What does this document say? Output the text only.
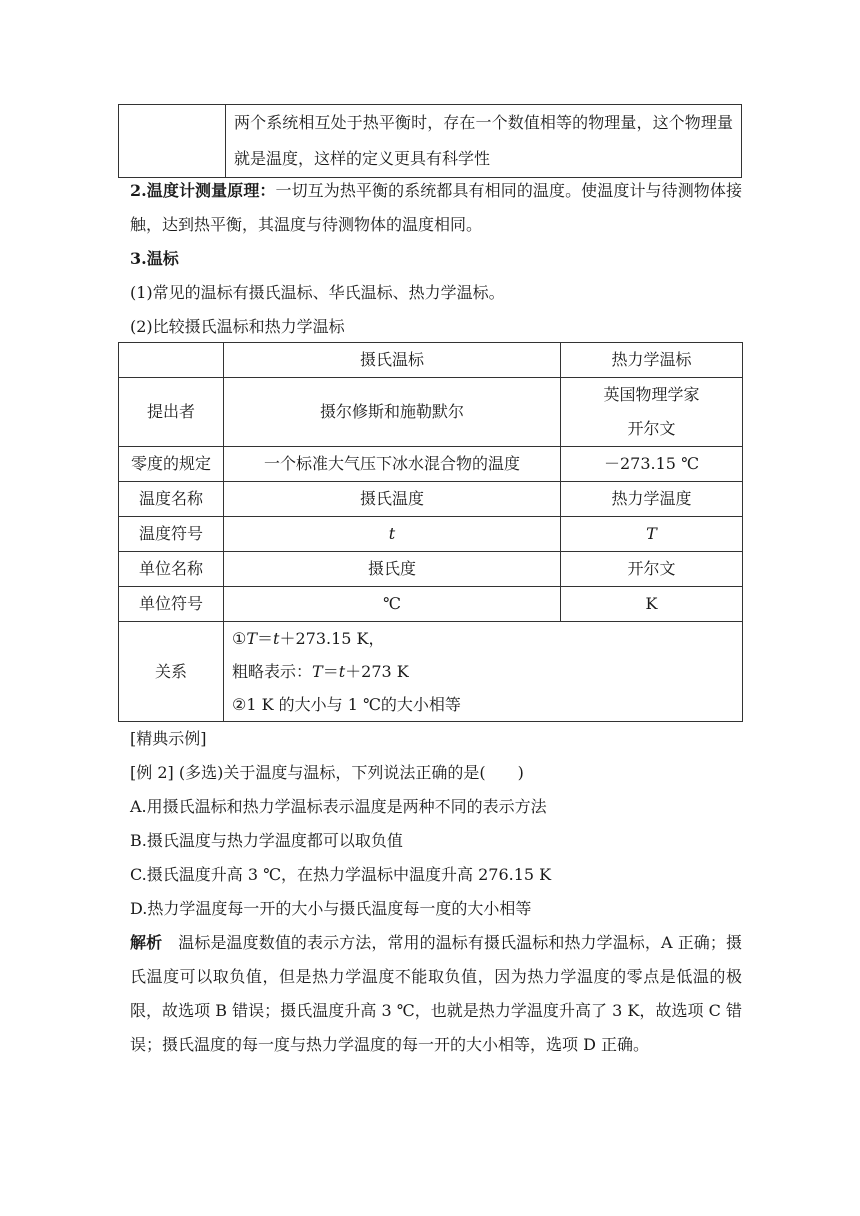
	两个系统相互处于热平衡时，存在一个数值相等的物理量，这个物理量就是温度，这样的定义更具有科学性
2.温度计测量原理：一切互为热平衡的系统都具有相同的温度。使温度计与待测物体接触，达到热平衡，其温度与待测物体的温度相同。
3.温标
(1)常见的温标有摄氏温标、华氏温标、热力学温标。
(2)比较摄氏温标和热力学温标
	摄氏温标	热力学温标
提出者	摄尔修斯和施勒默尔	英国物理学家
开尔文

零度的规定	一个标准大气压下冰水混合物的温度	－273.15 ℃
温度名称	摄氏温度	热力学温度
温度符号	t	T
单位名称	摄氏度	开尔文
单位符号	℃	K
关系	①T＝t＋273.15 K，
粗略表示：T＝t＋273 K
②1 K 的大小与 1 ℃的大小相等	
[精典示例]
[例 2] (多选)关于温度与温标，下列说法正确的是(　　)
A.用摄氏温标和热力学温标表示温度是两种不同的表示方法
B.摄氏温度与热力学温度都可以取负值
C.摄氏温度升高 3 ℃，在热力学温标中温度升高 276.15 K
D.热力学温度每一开的大小与摄氏温度每一度的大小相等
解析 温标是温度数值的表示方法，常用的温标有摄氏温标和热力学温标，A 正确；摄氏温度可以取负值，但是热力学温度不能取负值，因为热力学温度的零点是低温的极限，故选项 B 错误；摄氏温度升高 3 ℃，也就是热力学温度升高了 3 K，故选项 C 错误；摄氏温度的每一度与热力学温度的每一开的大小相等，选项 D 正确。
